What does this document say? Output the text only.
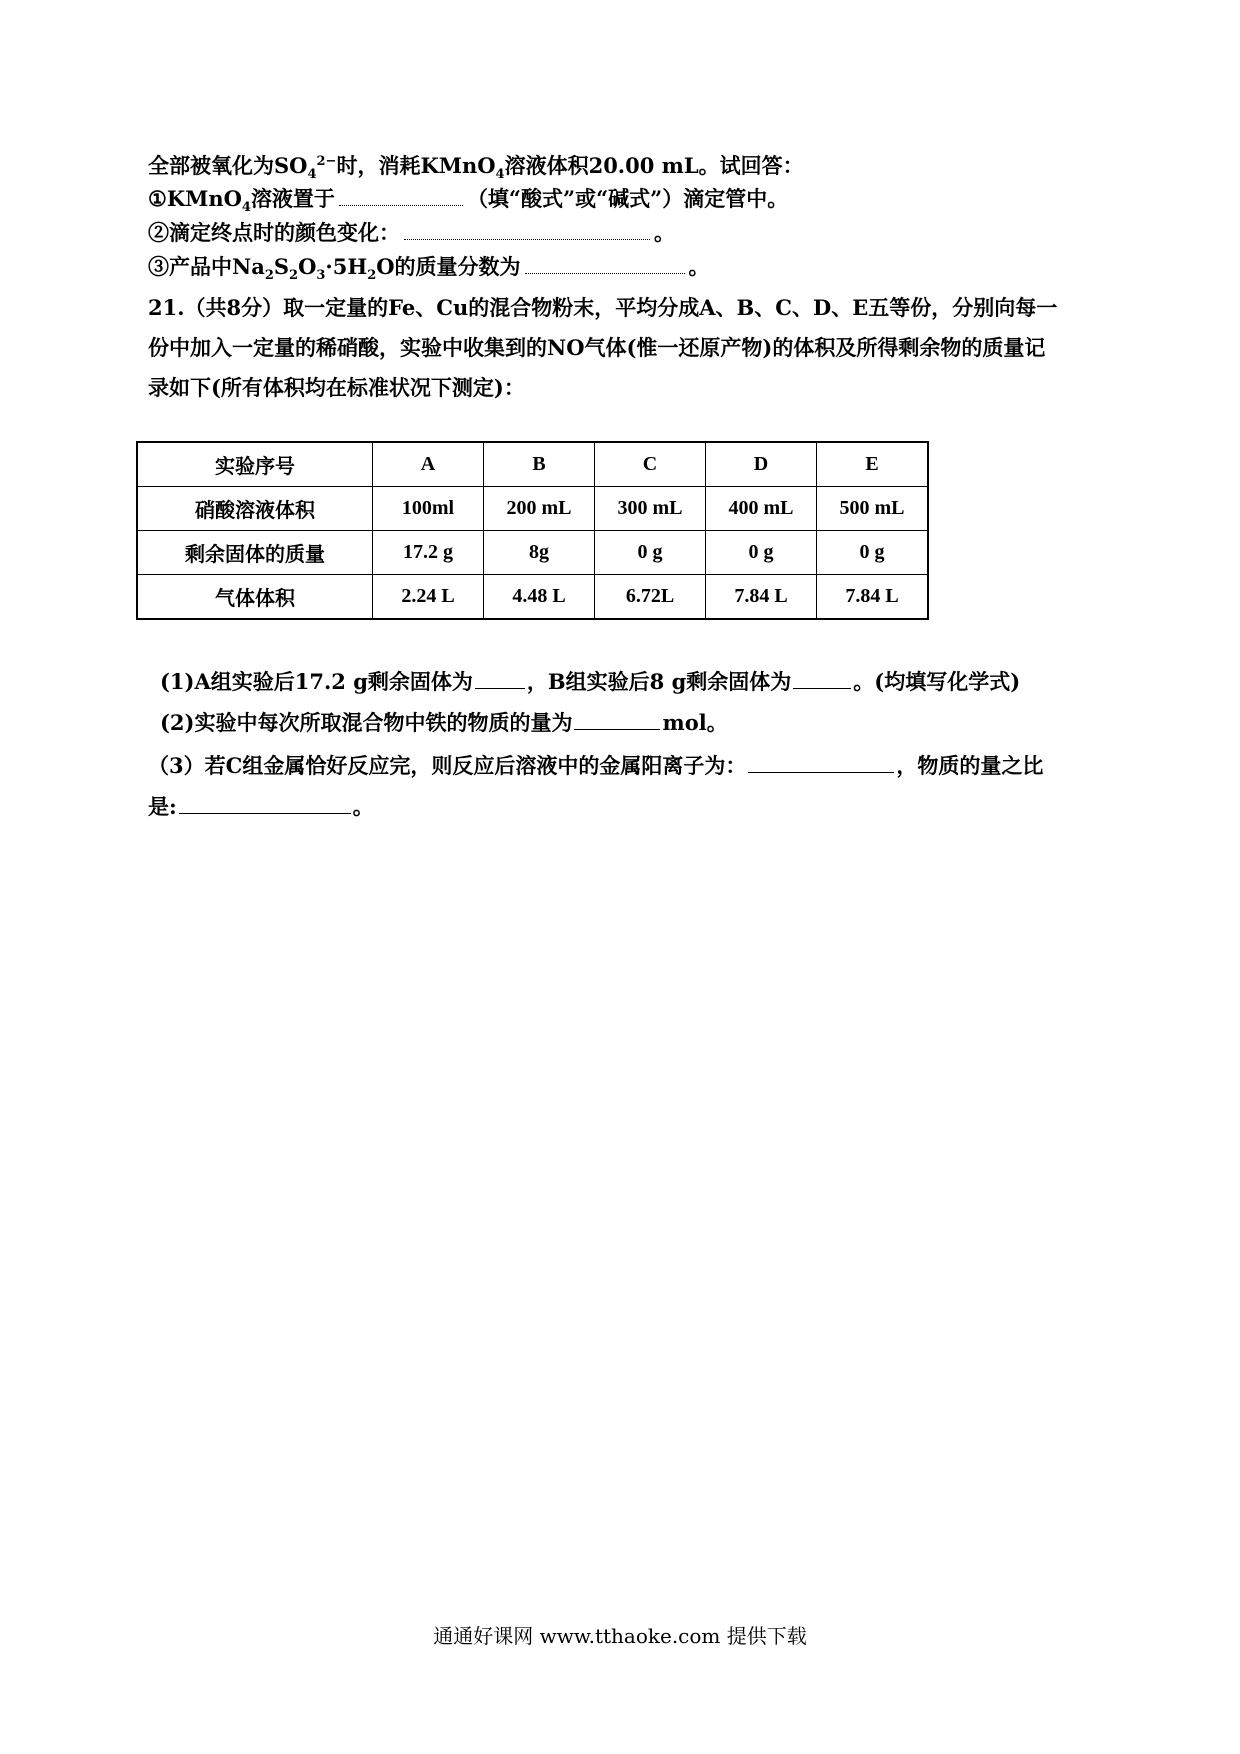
全部被氧化为$SO_4^{2-}$时，消耗KMnO$_4$溶液体积20.00 mL。试回答：
①KMnO$_4$溶液置于	（填“酸式”或“碱式”）滴定管中。
②滴定终点时的颜色变化：	。
③产品中$Na_2S_2O_3\cdot 5H_2O$的质量分数为	。
21.（共8分）取一定量的Fe、Cu的混合物粉末，平均分成A、B、C、D、E五等份，分别向每一
份中加入一定量的稀硝酸，实验中收集到的NO气体(惟一还原产物)的体积及所得剩余物的质量记
录如下(所有体积均在标准状况下测定)：
实验序号	A	B	C	D	E
硝酸溶液体积	100ml	200 mL	300 mL	400 mL	500 mL
剩余固体的质量	17.2 g	8g	0 g	0 g	0 g
气体体积	2.24 L	4.48 L	6.72L	7.84 L	7.84 L
(1)A组实验后17.2 g剩余固体为	，B组实验后8 g剩余固体为	。(均填写化学式)
(2)实验中每次所取混合物中铁的物质的量为	mol。
（3）若C组金属恰好反应完，则反应后溶液中的金属阳离子为：	，物质的量之比
是:	。
通通好课网 www.tthaoke.com 提供下载
